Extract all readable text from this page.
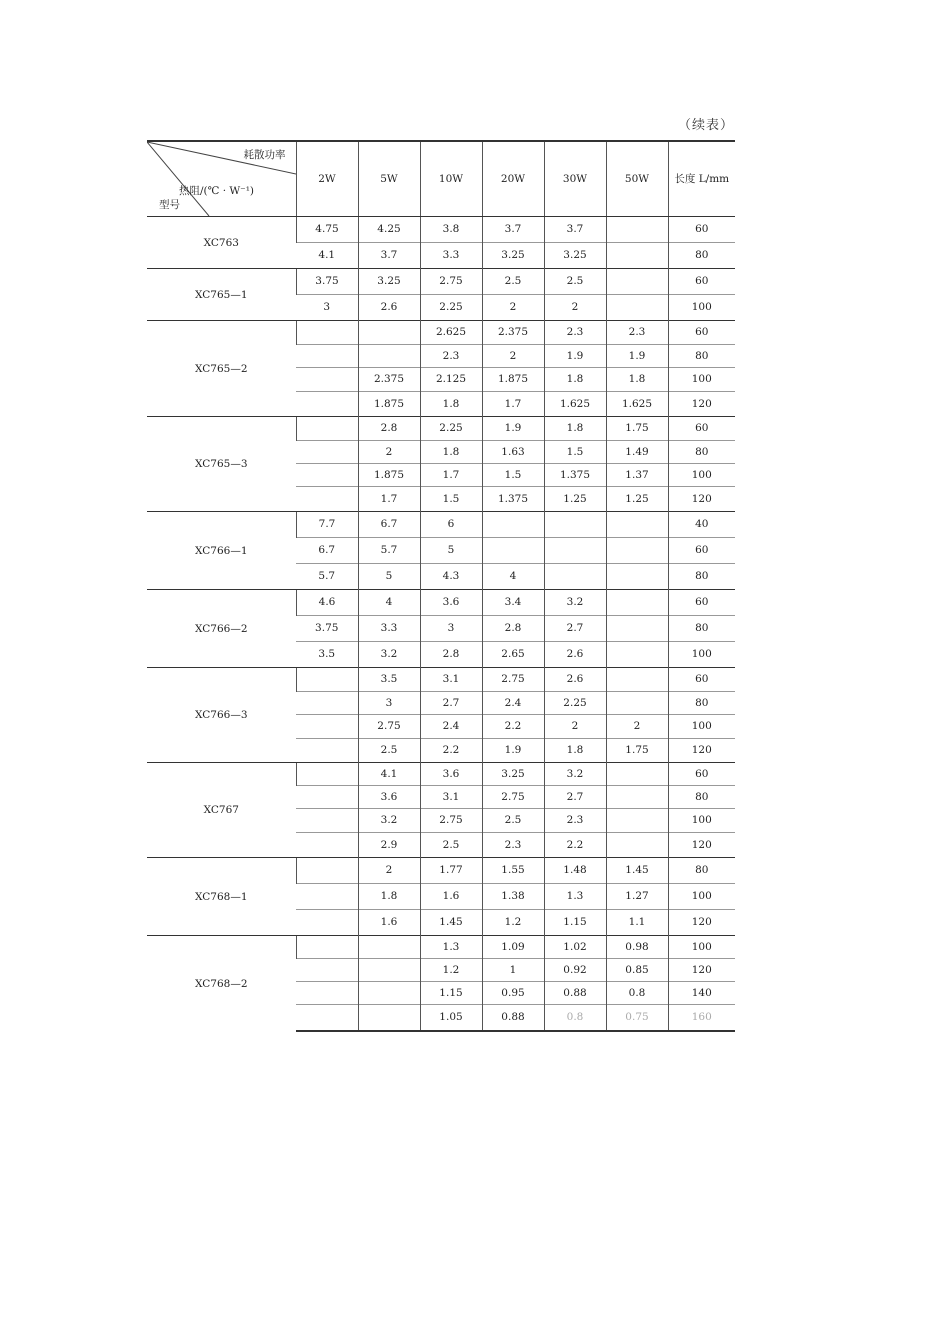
（续表）
耗散功率
热阻/(℃ · W⁻¹)
型号	2W	5W	10W	20W	30W	50W	长度 L/mm
XC763	4.75	4.25	3.8	3.7	3.7		60
	4.1	3.7	3.3	3.25	3.25		80
XC765—1	3.75	3.25	2.75	2.5	2.5		60
	3	2.6	2.25	2	2		100
XC765—2			2.625	2.375	2.3	2.3	60
			2.3	2	1.9	1.9	80
		2.375	2.125	1.875	1.8	1.8	100
		1.875	1.8	1.7	1.625	1.625	120
XC765—3		2.8	2.25	1.9	1.8	1.75	60
		2	1.8	1.63	1.5	1.49	80
		1.875	1.7	1.5	1.375	1.37	100
		1.7	1.5	1.375	1.25	1.25	120
XC766—1	7.7	6.7	6				40
	6.7	5.7	5				60
	5.7	5	4.3	4			80
XC766—2	4.6	4	3.6	3.4	3.2		60
	3.75	3.3	3	2.8	2.7		80
	3.5	3.2	2.8	2.65	2.6		100
XC766—3		3.5	3.1	2.75	2.6		60
		3	2.7	2.4	2.25		80
		2.75	2.4	2.2	2	2	100
		2.5	2.2	1.9	1.8	1.75	120
XC767		4.1	3.6	3.25	3.2		60
		3.6	3.1	2.75	2.7		80
		3.2	2.75	2.5	2.3		100
		2.9	2.5	2.3	2.2		120
XC768—1		2	1.77	1.55	1.48	1.45	80
		1.8	1.6	1.38	1.3	1.27	100
		1.6	1.45	1.2	1.15	1.1	120
XC768—2			1.3	1.09	1.02	0.98	100
			1.2	1	0.92	0.85	120
			1.15	0.95	0.88	0.8	140
			1.05	0.88	0.8	0.75	160
